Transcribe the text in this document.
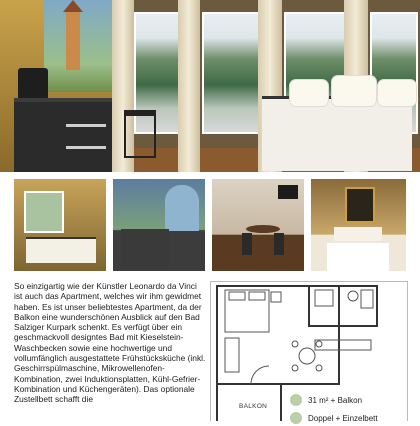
So einzigartig wie der Künstler Leonardo da Vinci ist auch das Apartment, welches wir ihm gewidmet haben. Es ist unser beliebtestes Apartment, da der Balkon eine wunderschönen Ausblick auf den Bad Salziger Kurpark schenkt. Es verfügt über ein geschmackvoll designtes Bad mit Kieselstein-Waschbecken sowie eine hochwertige und vollumfänglich ausgestattete Frühstücksküche (inkl. Geschirrspülmaschine, Mikrowellenofen-Kombination, zwei Induktionsplatten, Kühl-Gefrier-Kombination und Küchengeräten). Das optionale Zustellbett schafft die

BALKON
31 m² + Balkon
Doppel + Einzelbett
